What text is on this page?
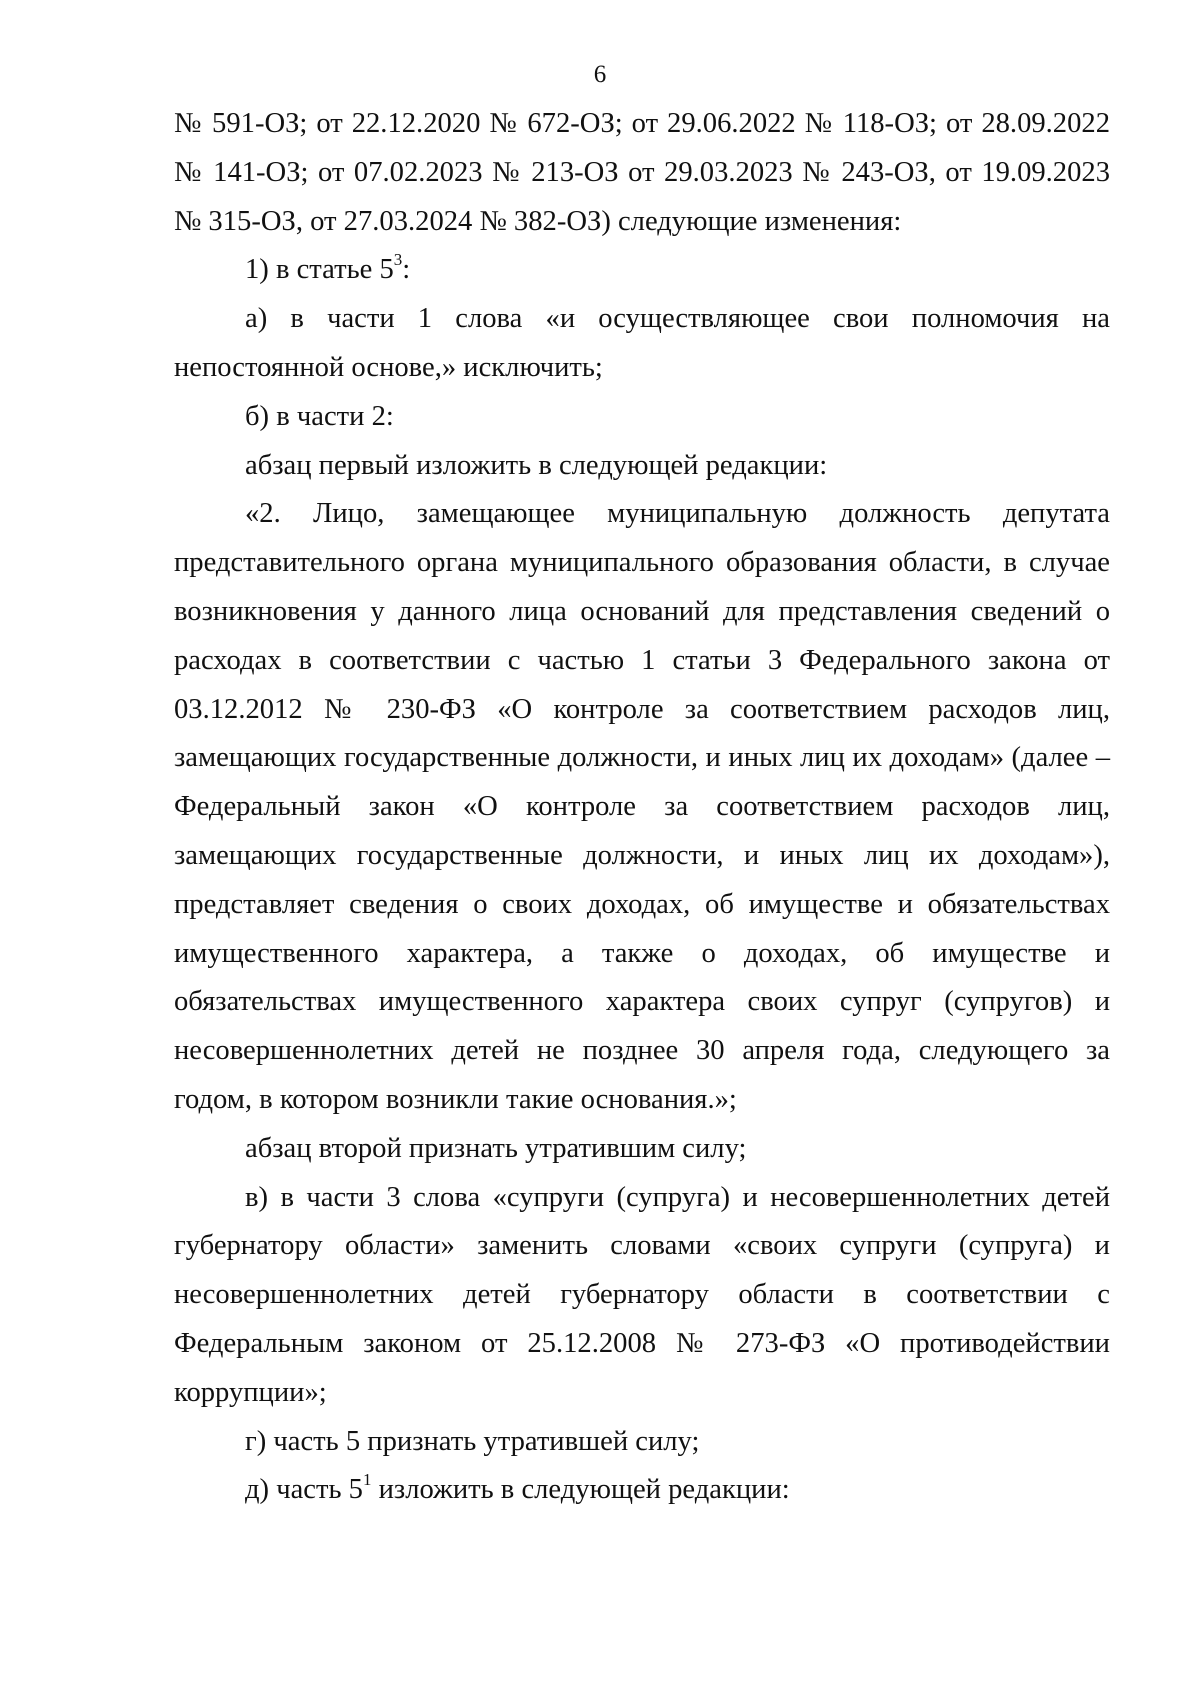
6

№ 591-ОЗ; от 22.12.2020 № 672-ОЗ; от 29.06.2022 № 118-ОЗ; от 28.09.2022 № 141-ОЗ; от 07.02.2023 № 213-ОЗ от 29.03.2023 № 243-ОЗ, от 19.09.2023 № 315-ОЗ, от 27.03.2024 № 382-ОЗ) следующие изменения:

1) в статье $5^3$:

а) в части 1 слова «и осуществляющее свои полномочия на непостоянной основе,» исключить;

б) в части 2:

абзац первый изложить в следующей редакции:

«2. Лицо, замещающее муниципальную должность депутата представительного органа муниципального образования области, в случае возникновения у данного лица оснований для представления сведений о расходах в соответствии с частью 1 статьи 3 Федерального закона от 03.12.2012 № 230-ФЗ «О контроле за соответствием расходов лиц, замещающих государственные должности, и иных лиц их доходам» (далее – Федеральный закон «О контроле за соответствием расходов лиц, замещающих государственные должности, и иных лиц их доходам»), представляет сведения о своих доходах, об имуществе и обязательствах имущественного характера, а также о доходах, об имуществе и обязательствах имущественного характера своих супруг (супругов) и несовершеннолетних детей не позднее 30 апреля года, следующего за годом, в котором возникли такие основания.»;

абзац второй признать утратившим силу;

в) в части 3 слова «супруги (супруга) и несовершеннолетних детей губернатору области» заменить словами «своих супруги (супруга) и несовершеннолетних детей губернатору области в соответствии с Федеральным законом от 25.12.2008 № 273-ФЗ «О противодействии коррупции»;

г) часть 5 признать утратившей силу;

д) часть $5^1$ изложить в следующей редакции:
